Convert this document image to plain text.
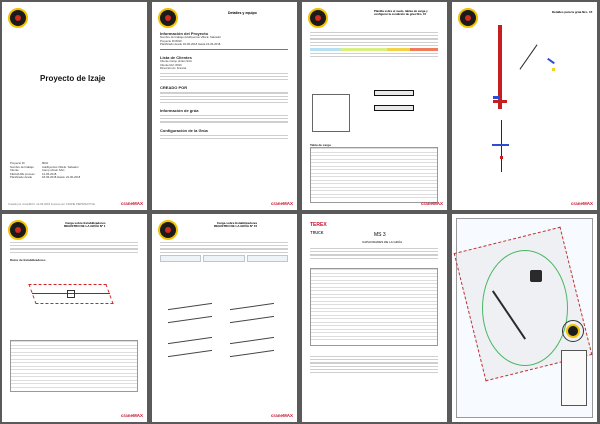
Proyecto de Izaje
Proyecto ID	8010
Nombre del trabajo	Adolbyentos Villa E. Salvador
Cliente	Camp obrain SAC
FECHA DE proceso	12-06-2018
Planificado desde	18-06-2018 Hasta: 22-06-2018
craneMAX
Creado por craneMAX, 12-06-2018 Impreso por CRANE PERSPECTIVE
Detalles y equipo
Información del Proyecto
Nombre del trabajo Adolbyentos Villa E. Salvador
Proyecto ID 8010
Planificado desde 18-06-2018 Hasta 22-06-2018
Lista de Clientes
Cliente Camp obrain SAC
Cliente Ref. 8010
Dirección Av. Francia
CREADO POR
Información de grúa
Configuración de la Grúa
craneMAX
Planilla sobre el suelo, tablas de carga y configurar la condición de grua Nro. 15
Tabla de carga
craneMAX
Detalles para la grúa Nro. 15
craneMAX
Carga sobre Estabilizadores
REGISTRO DE LA GRÚA Nº 1
Datos de Estabilizadores
craneMAX
Carga sobre Estabilizadores
REGISTRO DE LA GRÚA Nº 15
craneMAX
TEREX
TRUCK	MS 3
CAPACIDADES DE LA GRÚA
